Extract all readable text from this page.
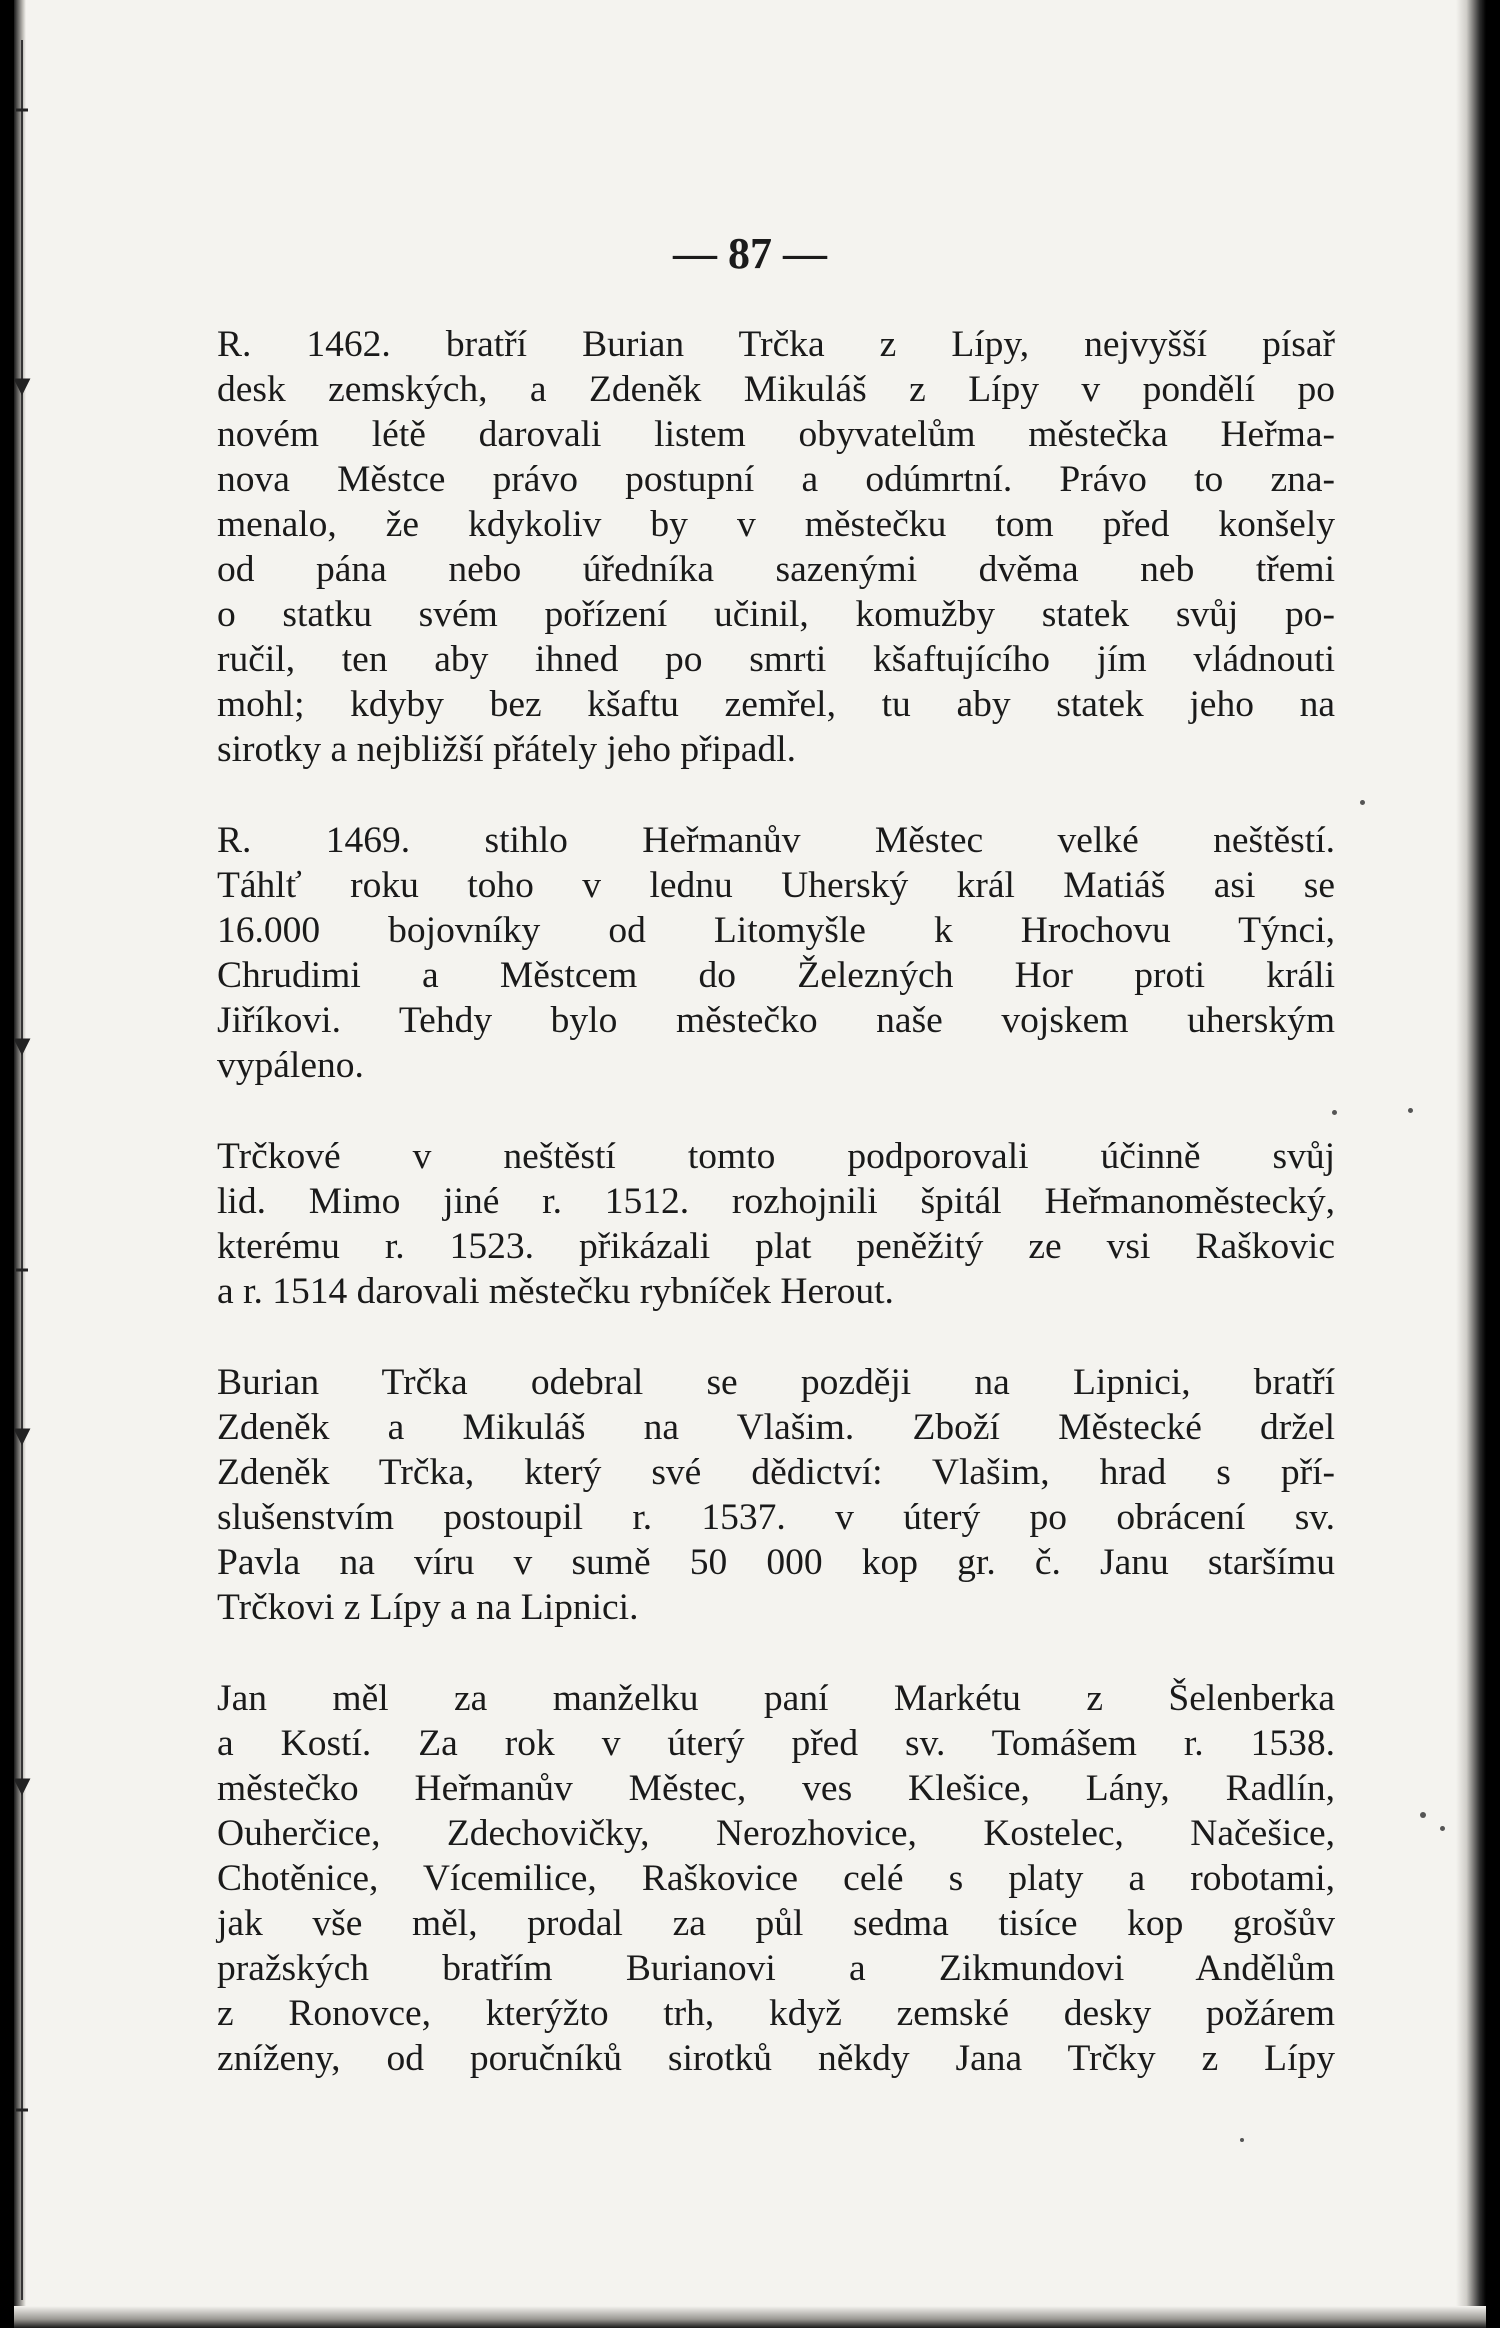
— 87 —

R. 1462. bratří Burian Trčka z Lípy, nejvyšší písař
desk zemských, a Zdeněk Mikuláš z Lípy v pondělí po
novém létě darovali listem obyvatelům městečka Heřma-
nova Městce právo postupní a odúmrtní. Právo to zna-
menalo, že kdykoliv by v městečku tom před konšely
od pána nebo úředníka sazenými dvěma neb třemi
o statku svém pořízení učinil, komužby statek svůj po-
ručil, ten aby ihned po smrti kšaftujícího jím vládnouti
mohl; kdyby bez kšaftu zemřel, tu aby statek jeho na
sirotky a nejbližší přátely jeho připadl.

R. 1469. stihlo Heřmanův Městec velké neštěstí.
Táhlť roku toho v lednu Uherský král Matiáš asi se
16.000 bojovníky od Litomyšle k Hrochovu Týnci,
Chrudimi a Městcem do Železných Hor proti králi
Jiříkovi. Tehdy bylo městečko naše vojskem uherským
vypáleno.

Trčkové v neštěstí tomto podporovali účinně svůj
lid. Mimo jiné r. 1512. rozhojnili špitál Heřmanoměstecký,
kterému r. 1523. přikázali plat peněžitý ze vsi Raškovic
a r. 1514 darovali městečku rybníček Herout.

Burian Trčka odebral se později na Lipnici, bratří
Zdeněk a Mikuláš na Vlašim. Zboží Městecké držel
Zdeněk Trčka, který své dědictví: Vlašim, hrad s pří-
slušenstvím postoupil r. 1537. v úterý po obrácení sv.
Pavla na víru v sumě 50 000 kop gr. č. Janu staršímu
Trčkovi z Lípy a na Lipnici.

Jan měl za manželku paní Markétu z Šelenberka
a Kostí. Za rok v úterý před sv. Tomášem r. 1538.
městečko Heřmanův Městec, ves Klešice, Lány, Radlín,
Ouherčice, Zdechovičky, Nerozhovice, Kostelec, Načešice,
Chotěnice, Vícemilice, Raškovice celé s platy a robotami,
jak vše měl, prodal za půl sedma tisíce kop grošův
pražských bratřím Burianovi a Zikmundovi Andělům
z Ronovce, kterýžto trh, když zemské desky požárem
zníženy, od poručníků sirotků někdy Jana Trčky z Lípy
